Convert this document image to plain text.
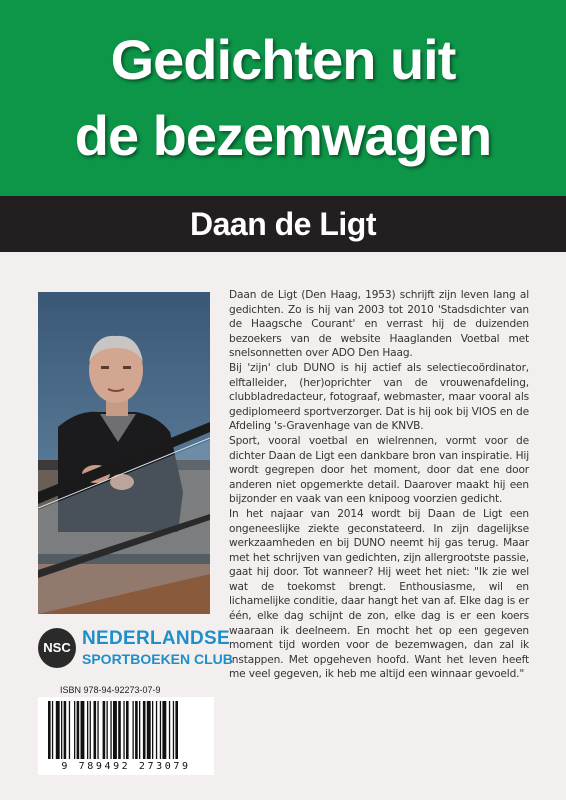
Gedichten uit
de bezemwagen
Daan de Ligt

Daan de Ligt (Den Haag, 1953) schrijft zijn leven lang al gedichten. Zo is hij van 2003 tot 2010 'Stadsdichter van de Haagsche Courant' en verrast hij de duizenden bezoekers van de website Haaglanden Voetbal met snelsonnetten over ADO Den Haag.

Bij 'zijn' club DUNO is hij actief als selectiecoördinator, elftalleider, (her)oprichter van de vrouwenafdeling, clubbladredacteur, fotograaf, webmaster, maar vooral als gediplomeerd sportverzorger. Dat is hij ook bij VIOS en de Afdeling 's-Gravenhage van de KNVB.

Sport, vooral voetbal en wielrennen, vormt voor de dichter Daan de Ligt een dankbare bron van inspiratie. Hij wordt gegrepen door het moment, door dat ene door anderen niet opgemerkte detail. Daarover maakt hij een bijzonder en vaak van een knipoog voorzien gedicht.

In het najaar van 2014 wordt bij Daan de Ligt een ongeneeslijke ziekte geconstateerd. In zijn dagelijkse werkzaamheden en bij DUNO neemt hij gas terug. Maar met het schrijven van gedichten, zijn allergrootste passie, gaat hij door. Tot wanneer? Hij weet het niet: "Ik zie wel wat de toekomst brengt. Enthousiasme, wil en lichamelijke conditie, daar hangt het van af. Elke dag is er één, elke dag schijnt de zon, elke dag is er een koers waaraan ik deelneem. En mocht het op een gegeven moment tijd worden voor de bezemwagen, dan zal ik instappen. Met opgeheven hoofd. Want het leven heeft me veel gegeven, ik heb me altijd een winnaar gevoeld."

NSC NEDERLANDSE
SPORTBOEKEN CLUB
ISBN 978-94-92273-07-9
9 789492 273079
